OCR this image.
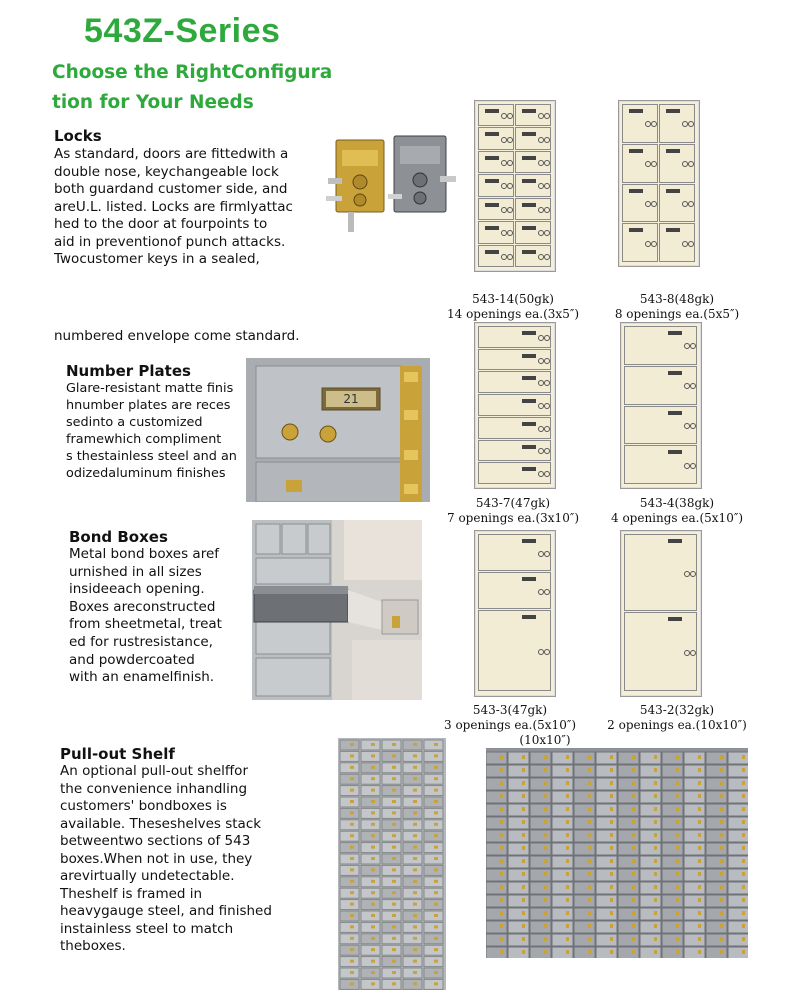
543Z-Series
Choose the RightConfigura
tion for Your Needs
Locks
As standard, doors are fittedwith a
double nose, keychangeable lock
both guardand customer side, and
areU.L. listed. Locks are firmlyattac
hed to the door at fourpoints to
aid in preventionof punch attacks.
Twocustomer keys in a sealed,
numbered envelope come standard.
Number Plates
Glare-resistant matte finis
hnumber plates are reces
sedinto a customized
framewhich compliment
s thestainless steel and an
odizedaluminum finishes
21
Bond Boxes
Metal bond boxes aref
urnished in all sizes
insideeach opening.
Boxes areconstructed
from sheetmetal, treat
ed for rustresistance,
and powdercoated
with an enamelfinish.
Pull-out Shelf
An optional pull-out shelffor
the convenience inhandling
customers' bondboxes is
available. Theseshelves stack
betweentwo sections of 543
boxes.When not in use, they
arevirtually undetectable.
Theshelf is framed in
heavygauge steel, and finished
instainless steel to match
theboxes.
543-14(50gk)
14 openings ea.(3x5″)
543-8(48gk)
8 openings ea.(5x5″)
543-7(47gk)
7 openings ea.(3x10″)
543-4(38gk)
4 openings ea.(5x10″)
543-3(47gk)
3 openings ea.(5x10″)
(10x10″)
543-2(32gk)
2 openings ea.(10x10″)
